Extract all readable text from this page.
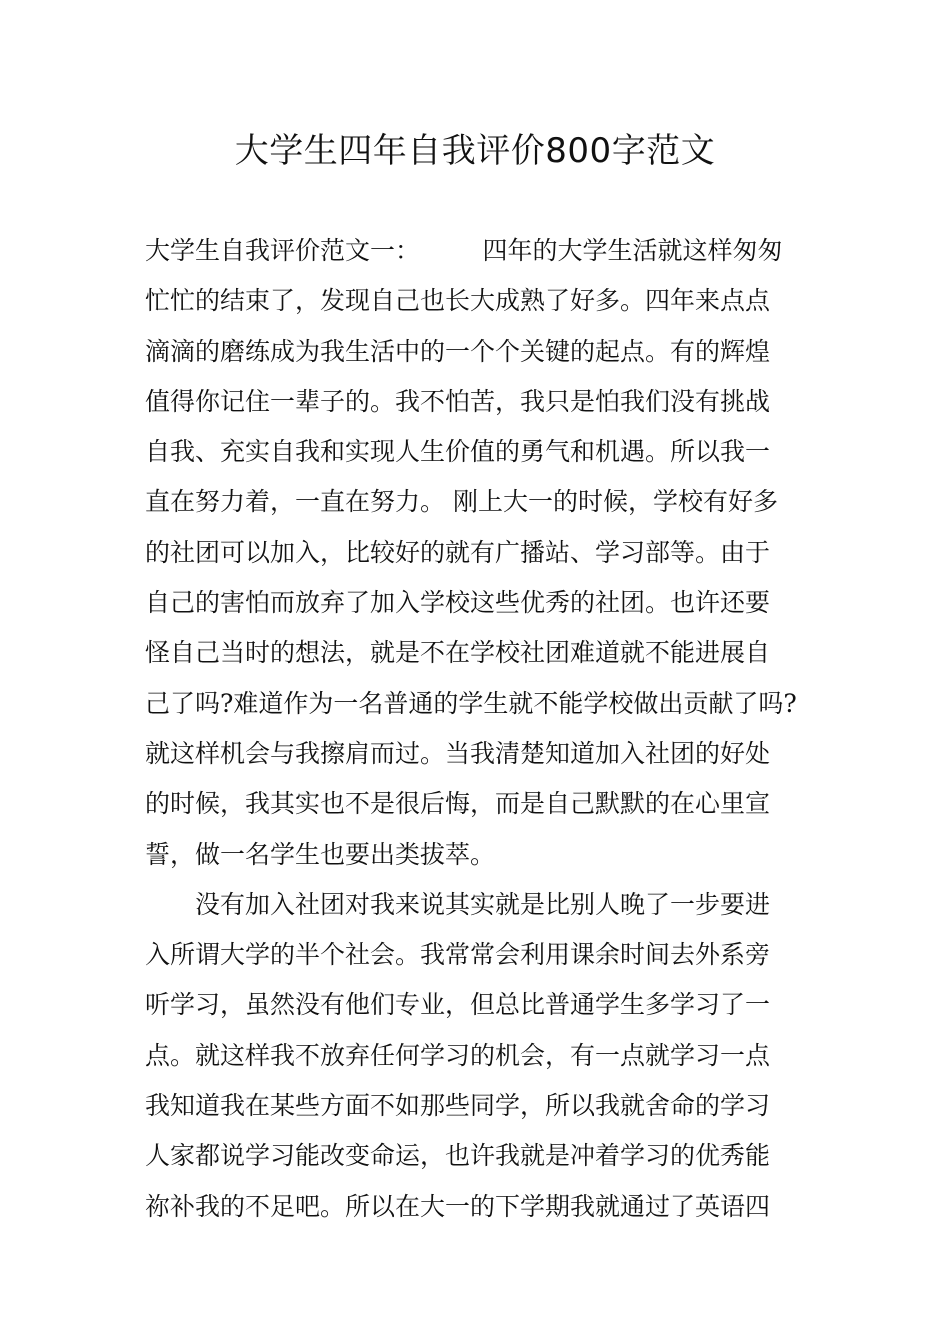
大学生四年自我评价800字范文
大学生自我评价范文一：　　　四年的大学生活就这样匆匆
忙忙的结束了，发现自己也长大成熟了好多。四年来点点
滴滴的磨练成为我生活中的一个个关键的起点。有的辉煌
值得你记住一辈子的。我不怕苦，我只是怕我们没有挑战
自我、充实自我和实现人生价值的勇气和机遇。所以我一
直在努力着，一直在努力。 刚上大一的时候，学校有好多
的社团可以加入，比较好的就有广播站、学习部等。由于
自己的害怕而放弃了加入学校这些优秀的社团。也许还要
怪自己当时的想法，就是不在学校社团难道就不能进展自
己了吗?难道作为一名普通的学生就不能学校做出贡献了吗?
就这样机会与我擦肩而过。当我清楚知道加入社团的好处
的时候，我其实也不是很后悔，而是自己默默的在心里宣
誓，做一名学生也要出类拔萃。
　　没有加入社团对我来说其实就是比别人晚了一步要进
入所谓大学的半个社会。我常常会利用课余时间去外系旁
听学习，虽然没有他们专业，但总比普通学生多学习了一
点。就这样我不放弃任何学习的机会，有一点就学习一点
我知道我在某些方面不如那些同学，所以我就舍命的学习
人家都说学习能改变命运，也许我就是冲着学习的优秀能
祢补我的不足吧。所以在大一的下学期我就通过了英语四
